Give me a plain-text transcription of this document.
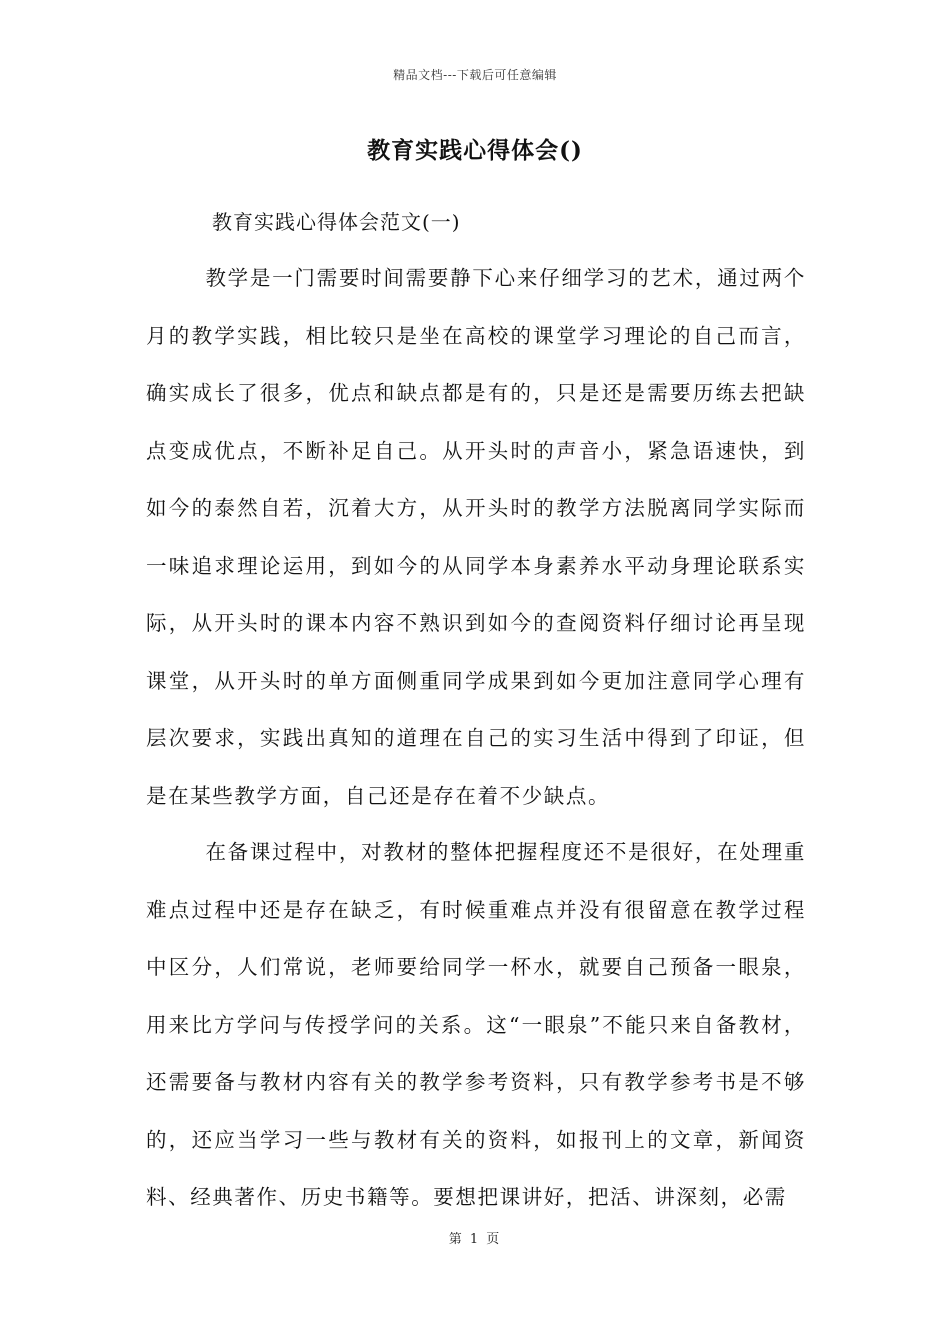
精品文档---下载后可任意编辑
教育实践心得体会()
教育实践心得体会范文(一)

教学是一门需要时间需要静下心来仔细学习的艺术，通过两个月的教学实践，相比较只是坐在高校的课堂学习理论的自己而言，确实成长了很多，优点和缺点都是有的，只是还是需要历练去把缺点变成优点，不断补足自己。从开头时的声音小，紧急语速快，到如今的泰然自若，沉着大方，从开头时的教学方法脱离同学实际而一味追求理论运用，到如今的从同学本身素养水平动身理论联系实际，从开头时的课本内容不熟识到如今的查阅资料仔细讨论再呈现课堂，从开头时的单方面侧重同学成果到如今更加注意同学心理有层次要求，实践出真知的道理在自己的实习生活中得到了印证，但是在某些教学方面，自己还是存在着不少缺点。

在备课过程中，对教材的整体把握程度还不是很好，在处理重难点过程中还是存在缺乏，有时候重难点并没有很留意在教学过程中区分，人们常说，老师要给同学一杯水，就要自己预备一眼泉，用来比方学问与传授学问的关系。这“一眼泉”不能只来自备教材，还需要备与教材内容有关的教学参考资料，只有教学参考书是不够的，还应当学习一些与教材有关的资料，如报刊上的文章，新闻资料、经典著作、历史书籍等。要想把课讲好，把活、讲深刻，必需

第 1 页
